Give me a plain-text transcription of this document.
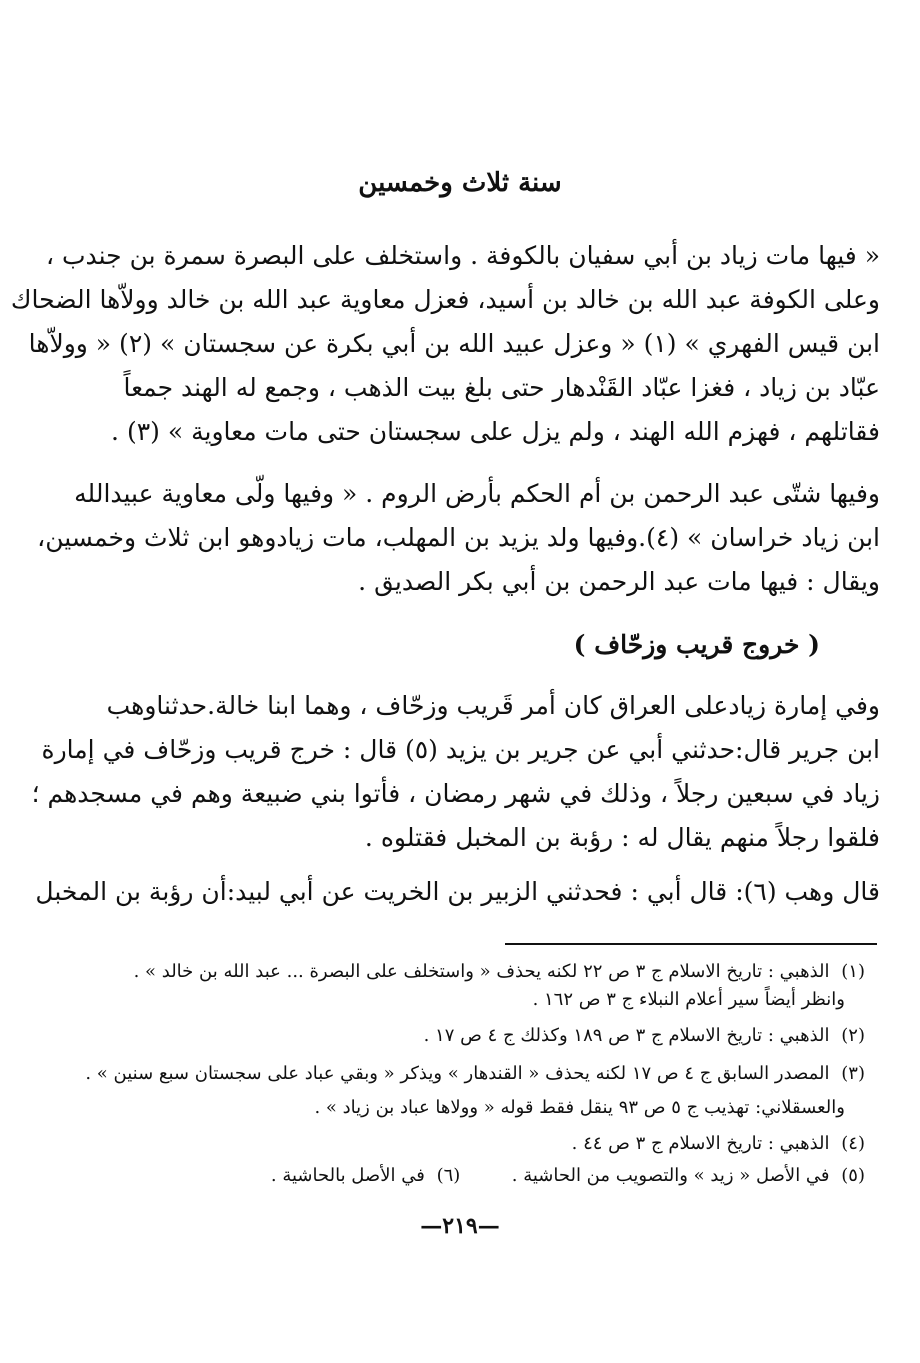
سنة ثلاث وخمسين
« فيها مات زياد بن أبي سفيان بالكوفة . واستخلف على البصرة سمرة بن جندب ،
وعلى الكوفة عبد الله بن خالد بن أسيد، فعزل معاوية عبد الله بن خالد وولاّها الضحاك
ابن قيس الفهري » (١) « وعزل عبيد الله بن أبي بكرة عن سجستان » (٢) « وولاّها
عبّاد بن زياد ، فغزا عبّاد القَنْدهار حتى بلغ بيت الذهب ، وجمع له الهند جمعاً
فقاتلهم ، فهزم الله الهند ، ولم يزل على سجستان حتى مات معاوية » (٣) .
وفيها شتّى عبد الرحمن بن أم الحكم بأرض الروم . « وفيها ولّى معاوية عبيدالله
ابن زياد خراسان » (٤).وفيها ولد يزيد بن المهلب، مات زيادوهو ابن ثلاث وخمسين،
ويقال : فيها مات عبد الرحمن بن أبي بكر الصديق .
( خروج قريب وزحّاف )
وفي إمارة زيادعلى العراق كان أمر قَريب وزحّاف ، وهما ابنا خالة.حدثناوهب
ابن جرير قال:حدثني أبي عن جرير بن يزيد (٥) قال : خرج قريب وزحّاف في إمارة
زياد في سبعين رجلاً ، وذلك في شهر رمضان ، فأتوا بني ضبيعة وهم في مسجدهم ؛
فلقوا رجلاً منهم يقال له : رؤبة بن المخبل فقتلوه .
قال وهب (٦): قال أبي : فحدثني الزبير بن الخريت عن أبي لبيد:أن رؤبة بن المخبل
(١) الذهبي : تاريخ الاسلام ج ٣ ص ٢٢ لكنه يحذف « واستخلف على البصرة ... عبد الله بن خالد » .
وانظر أيضاً سير أعلام النبلاء ج ٣ ص ١٦٢ .
(٢) الذهبي : تاريخ الاسلام ج ٣ ص ١٨٩ وكذلك ج ٤ ص ١٧ .
(٣) المصدر السابق ج ٤ ص ١٧ لكنه يحذف « القندهار » ويذكر « وبقي عباد على سجستان سبع سنين » .
والعسقلاني: تهذيب ج ٥ ص ٩٣ ينقل فقط قوله « وولاها عباد بن زياد » .
(٤) الذهبي : تاريخ الاسلام ج ٣ ص ٤٤ .
(٥) في الأصل « زيد » والتصويب من الحاشية .  (٦) في الأصل بالحاشية .
—٢١٩—
